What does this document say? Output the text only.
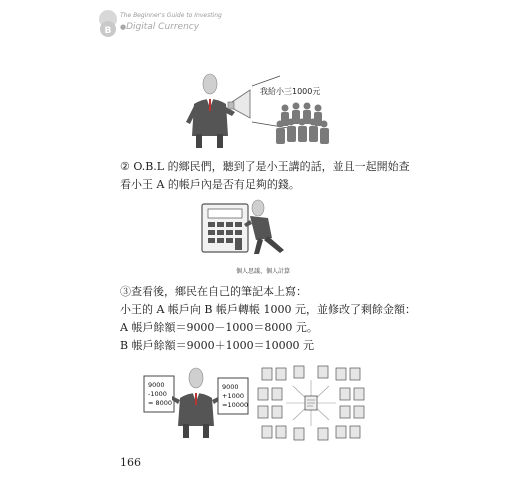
B
The Beginner's Guide to Investing
●Digital Currency
我給小三1000元
② O.B.L 的鄉民們，聽到了是小王講的話，並且一起開始查
看小王 A 的帳戶內是否有足夠的錢。
個人思議、個人計算
③查看後，鄉民在自己的筆記本上寫：
小王的 A 帳戶向 B 帳戶轉帳 1000 元，並修改了剩餘金額：
A 帳戶餘額＝9000－1000＝8000 元。
B 帳戶餘額＝9000＋1000＝10000 元
9000
-1000
= 8000
9000
+1000
=10000
166
